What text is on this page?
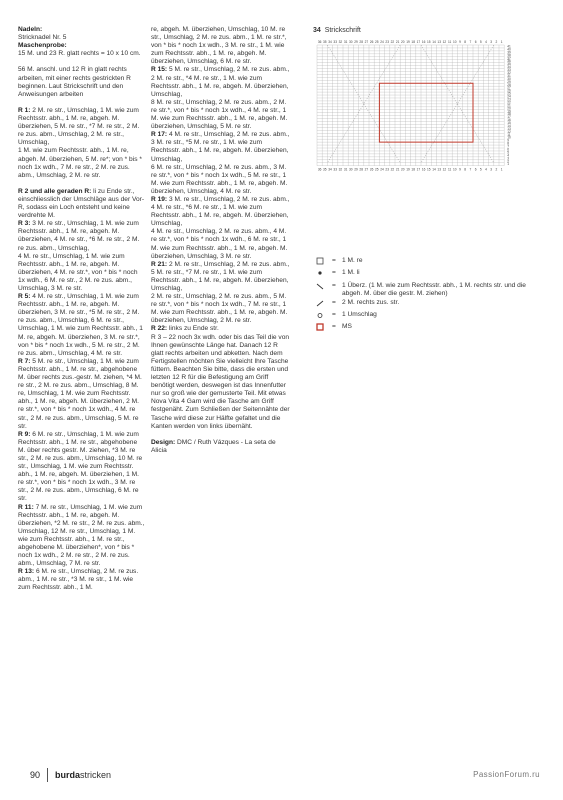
Nadeln:
Stricknadel Nr. 5
Maschenprobe:
15 M. und 23 R. glatt rechts = 10 x 10 cm.

56 M. anschl. und 12 R in glatt rechts arbeiten, mit einer rechts gestrickten R beginnen. Laut Strickschrift und den Anweisungen arbeiten

R 1: 2 M. re str., Umschlag, 1 M. wie zum Rechtsstr. abh., 1 M. re, abgeh. M. überziehen, 5 M. re str., *7 M. re str., 2 M. re zus. abm., Umschlag, 2 M. re str., Umschlag,
1 M. wie zum Rechtsstr. abh., 1 M. re, abgeh. M. überziehen, 5 M. re*; von * bis * noch 1x wdh., 7 M. re str., 2 M. re zus. abm., Umschlag, 2 M. re str.

R 2 und alle geraden R: li zu Ende str., einschliesslich der Umschläge aus der Vor-R, sodass ein Loch entsteht und keine verdrehte M.

R 3: 3 M. re str., Umschlag, 1 M. wie zum Rechtsstr. abh., 1 M. re, abgeh. M. überziehen, 4 M. re str., *6 M. re str., 2 M. re zus. abm., Umschlag,
4 M. re str., Umschlag, 1 M. wie zum Rechtsstr. abh., 1 M. re, abgeh. M. überziehen, 4 M. re str.*, von * bis * noch 1x wdh., 6 M. re str., 2 M. re zus. abm., Umschlag, 3 M. re str.

R 5: 4 M. re str., Umschlag, 1 M. wie zum Rechtsstr. abh., 1 M. re, abgeh. M. überziehen, 3 M. re str., *5 M. re str., 2 M. re zus. abm., Umschlag, 6 M. re str., Umschlag, 1 M. wie zum Rechtsstr. abh., 1 M. re, abgeh. M. überziehen, 3 M. re str.*, von * bis * noch 1x wdh., 5 M. re str., 2 M. re zus. abm., Umschlag, 4 M. re str.

R 7: 5 M. re str., Umschlag, 1 M. wie zum Rechtsstr. abh., 1 M. re str., abgehobene M. über rechts zus.-gestr. M. ziehen, *4 M. re str., 2 M. re zus. abm., Umschlag, 8 M. re, Umschlag, 1 M. wie zum Rechtsstr. abh., 1 M. re, abgeh. M. überziehen, 2 M. re str.*, von * bis * noch 1x wdh., 4 M. re str., 2 M. re zus. abm., Umschlag, 5 M. re str.

R 9: 6 M. re str., Umschlag, 1 M. wie zum Rechtsstr. abh., 1 M. re str., abgehobene M. über rechts gestr. M. ziehen, *3 M. re str., 2 M. re zus. abm., Umschlag, 10 M. re str., Umschlag, 1 M. wie zum Rechtsstr. abh., 1 M. re, abgeh. M. überziehen, 1 M. re str.*, von * bis * noch 1x wdh., 3 M. re str., 2 M. re zus. abm., Umschlag, 6 M. re str.

R 11: 7 M. re str., Umschlag, 1 M. wie zum Rechtsstr. abh., 1 M. re, abgeh. M. überziehen, *2 M. re str., 2 M. re zus. abm., Umschlag, 12 M. re str., Umschlag, 1 M. wie zum Rechtsstr. abh., 1 M. re str., abgehobene M. überziehen*, von * bis * noch 1x wdh., 2 M. re str., 2 M. re zus. abm., Umschlag, 7 M. re str.

R 13: 6 M. re str., Umschlag, 2 M. re zus. abm., 1 M. re str., *3 M. re str., 1 M. wie zum Rechtsstr. abh., 1 M.

re, abgeh. M. überziehen, Umschlag, 10 M. re str., Umschlag, 2 M. re zus. abm., 1 M. re str.*, von * bis * noch 1x wdh., 3 M. re str., 1 M. wie zum Rechtsstr. abh., 1 M. re, abgeh. M. überziehen, Umschlag, 6 M. re str.

R 15: 5 M. re str., Umschlag, 2 M. re zus. abm., 2 M. re str., *4 M. re str., 1 M. wie zum Rechtsstr. abh., 1 M. re, abgeh. M. überziehen, Umschlag,
8 M. re str., Umschlag, 2 M. re zus. abm., 2 M. re str.*, von * bis * noch 1x wdh., 4 M. re str., 1 M. wie zum Rechtsstr. abh., 1 M. re, abgeh. M. überziehen, Umschlag, 5 M. re str.

R 17: 4 M. re str., Umschlag, 2 M. re zus. abm., 3 M. re str., *5 M. re str., 1 M. wie zum Rechtsstr. abh., 1 M. re, abgeh. M. überziehen, Umschlag,
6 M. re str., Umschlag, 2 M. re zus. abm., 3 M. re str.*, von * bis * noch 1x wdh., 5 M. re str., 1 M. wie zum Rechtsstr. abh., 1 M. re, abgeh. M. überziehen, Umschlag, 4 M. re str.

R 19: 3 M. re str., Umschlag, 2 M. re zus. abm., 4 M. re str., *6 M. re str., 1 M. wie zum Rechtsstr. abh., 1 M. re, abgeh. M. überziehen, Umschlag,
4 M. re str., Umschlag, 2 M. re zus. abm., 4 M. re str.*, von * bis * noch 1x wdh., 6 M. re str., 1 M. wie zum Rechtsstr. abh., 1 M. re, abgeh. M. überziehen, Umschlag, 3 M. re str.

R 21: 2 M. re str., Umschlag, 2 M. re zus. abm., 5 M. re str., *7 M. re str., 1 M. wie zum Rechtsstr. abh., 1 M. re, abgeh. M. überziehen, Umschlag,
2 M. re str., Umschlag, 2 M. re zus. abm., 5 M. re str.*, von * bis * noch 1x wdh., 7 M. re str., 1 M. wie zum Rechtsstr. abh., 1 M. re, abgeh. M. überziehen, Umschlag, 2 M. re str.

R 22: links zu Ende str.

R 3 – 22 noch 3x wdh. oder bis das Teil die von Ihnen gewünschte Länge hat. Danach 12 R glatt rechts arbeiten und abketten. Nach dem Fertigstellen möchten Sie vielleicht Ihre Tasche füttern. Beachten Sie bitte, dass die ersten und letzten 12 R für die Befestigung am Griff benötigt werden, deswegen ist das Innenfutter nur so groß wie der gemusterte Teil. Mit etwas Nova Vita 4 Garn wird die Tasche am Griff festgenäht. Zum Schließen der Seitennähte der Tasche wird diese zur Hälfte gefaltet und die Kanten werden von links übernäht.

Design: DMC / Ruth Vázques - La seta de Alicia

34 Strickschrift
36
36
35
35
34
34
33
33
32
32
31
31
30
30
29
29
28
28
27
27
26
26
25
25
24
24
23
23
22
22
21
21
20
20
19
19
18
18
17
17
16
16
15
15
14
14
13
13
12
12
11
11
10
10
9
9
8
8
7
7
6
6
5
5
4
4
3
3
2
2
1
1
41
40
39
38
37
36
35
34
33
32
31
30
29
28
27
26
25
24
23
22
21
20
19
18
17
16
15
14
13
12
11
10
9
8
7
6
5
4
3
2
1
= 1 M. re
= 1 M. li
= 1 Überz. (1 M. wie zum Rechtsstr. abh., 1 M. rechts str. und die abgeh. M. über die gestr. M. ziehen)
= 2 M. rechts zus. str.
= 1 Umschlag
= MS
90 burdastricken	PassionForum.ru
